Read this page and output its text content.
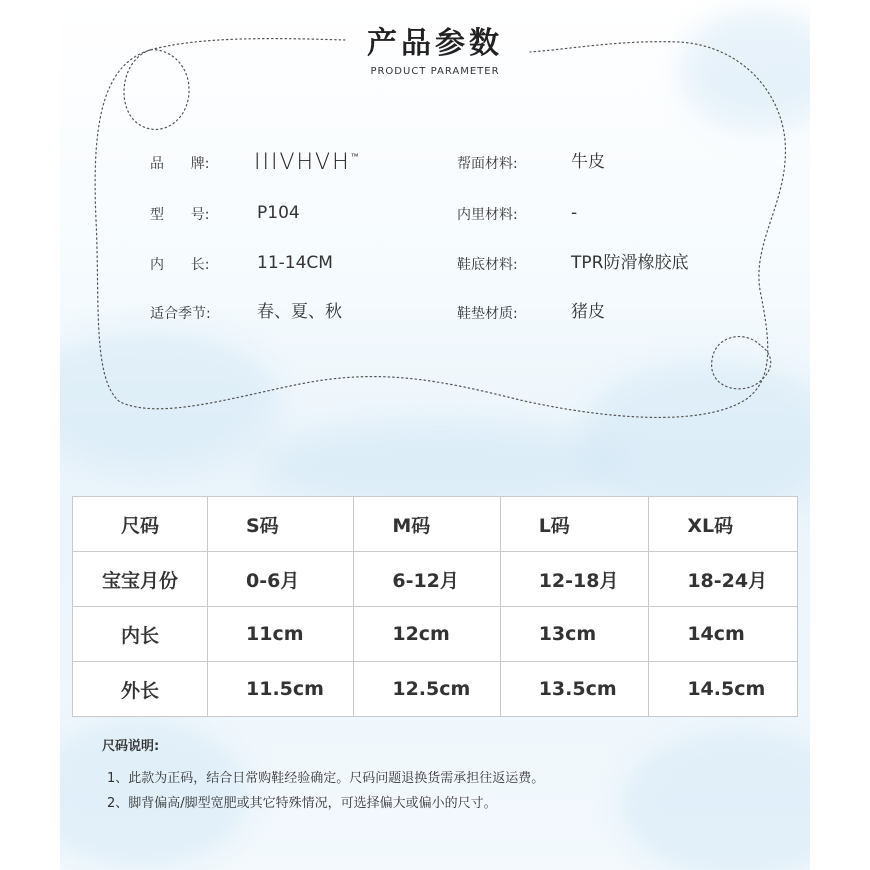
产品参数
PRODUCT PARAMETER
品      牌: IIIVHVH™
型      号:	P104
内      长:	11-14CM
适合季节:	春、夏、秋
帮面材料:	牛皮
内里材料:	-
鞋底材料:	TPR防滑橡胶底
鞋垫材质:	猪皮
尺码	S码	M码	L码	XL码
宝宝月份	0-6月	6-12月	12-18月	18-24月
内长	11cm	12cm	13cm	14cm
外长	11.5cm	12.5cm	13.5cm	14.5cm
尺码说明:
1、此款为正码，结合日常购鞋经验确定。尺码问题退换货需承担往返运费。
2、脚背偏高/脚型宽肥或其它特殊情况，可选择偏大或偏小的尺寸。
